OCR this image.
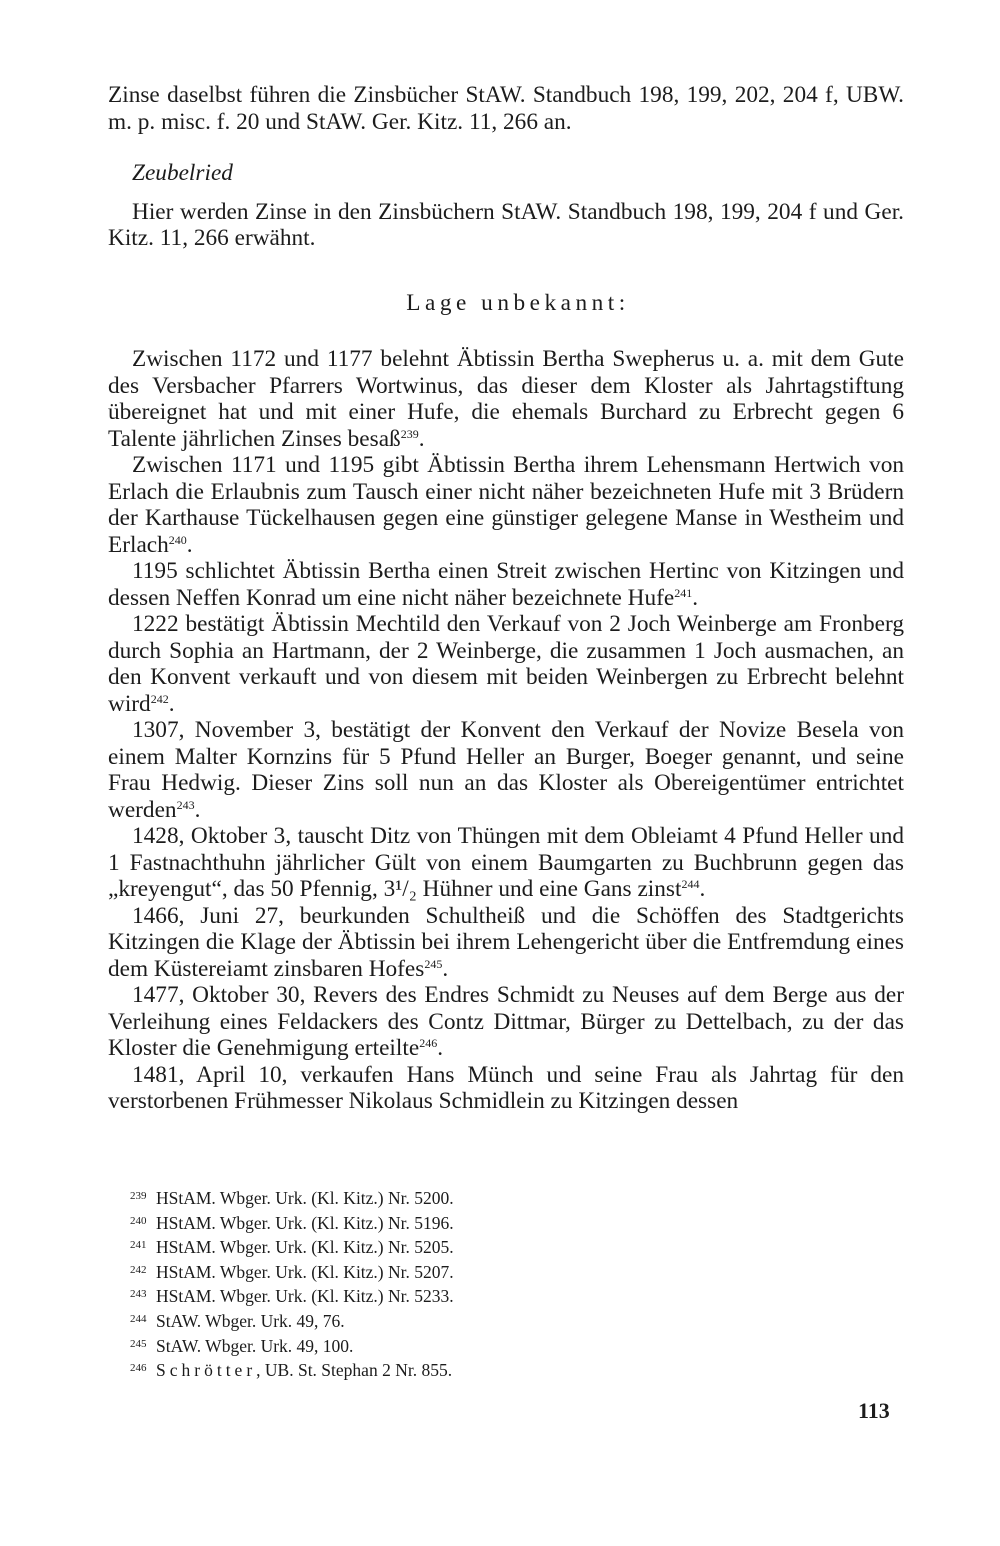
Zinse daselbst führen die Zinsbücher StAW. Standbuch 198, 199, 202, 204 f, UBW. m. p. misc. f. 20 und StAW. Ger. Kitz. 11, 266 an.

Zeubelried

Hier werden Zinse in den Zinsbüchern StAW. Standbuch 198, 199, 204 f und Ger. Kitz. 11, 266 erwähnt.

Lage unbekannt:

Zwischen 1172 und 1177 belehnt Äbtissin Bertha Swepherus u. a. mit dem Gute des Versbacher Pfarrers Wortwinus, das dieser dem Kloster als Jahrtagstiftung übereignet hat und mit einer Hufe, die ehemals Burchard zu Erbrecht gegen 6 Talente jährlichen Zinses besaß$^{239}$.

Zwischen 1171 und 1195 gibt Äbtissin Bertha ihrem Lehensmann Hertwich von Erlach die Erlaubnis zum Tausch einer nicht näher bezeichneten Hufe mit 3 Brüdern der Karthause Tückelhausen gegen eine günstiger gelegene Manse in Westheim und Erlach$^{240}$.

1195 schlichtet Äbtissin Bertha einen Streit zwischen Hertinc von Kitzingen und dessen Neffen Konrad um eine nicht näher bezeichnete Hufe$^{241}$.

1222 bestätigt Äbtissin Mechtild den Verkauf von 2 Joch Weinberge am Fronberg durch Sophia an Hartmann, der 2 Weinberge, die zusammen 1 Joch ausmachen, an den Konvent verkauft und von diesem mit beiden Weinbergen zu Erbrecht belehnt wird$^{242}$.

1307, November 3, bestätigt der Konvent den Verkauf der Novize Besela von einem Malter Kornzins für 5 Pfund Heller an Burger, Boeger genannt, und seine Frau Hedwig. Dieser Zins soll nun an das Kloster als Obereigentümer entrichtet werden$^{243}$.

1428, Oktober 3, tauscht Ditz von Thüngen mit dem Obleiamt 4 Pfund Heller und 1 Fastnachthuhn jährlicher Gült von einem Baumgarten zu Buchbrunn gegen das „kreyengut“, das 50 Pfennig, 3¹/₂ Hühner und eine Gans zinst$^{244}$.

1466, Juni 27, beurkunden Schultheiß und die Schöffen des Stadtgerichts Kitzingen die Klage der Äbtissin bei ihrem Lehengericht über die Entfremdung eines dem Küstereiamt zinsbaren Hofes$^{245}$.

1477, Oktober 30, Revers des Endres Schmidt zu Neuses auf dem Berge aus der Verleihung eines Feldackers des Contz Dittmar, Bürger zu Dettelbach, zu der das Kloster die Genehmigung erteilte$^{246}$.

1481, April 10, verkaufen Hans Münch und seine Frau als Jahrtag für den verstorbenen Frühmesser Nikolaus Schmidlein zu Kitzingen dessen

239 HStAM. Wbger. Urk. (Kl. Kitz.) Nr. 5200.
240 HStAM. Wbger. Urk. (Kl. Kitz.) Nr. 5196.
241 HStAM. Wbger. Urk. (Kl. Kitz.) Nr. 5205.
242 HStAM. Wbger. Urk. (Kl. Kitz.) Nr. 5207.
243 HStAM. Wbger. Urk. (Kl. Kitz.) Nr. 5233.
244 StAW. Wbger. Urk. 49, 76.
245 StAW. Wbger. Urk. 49, 100.
246 Schrötter, UB. St. Stephan 2 Nr. 855.
113
